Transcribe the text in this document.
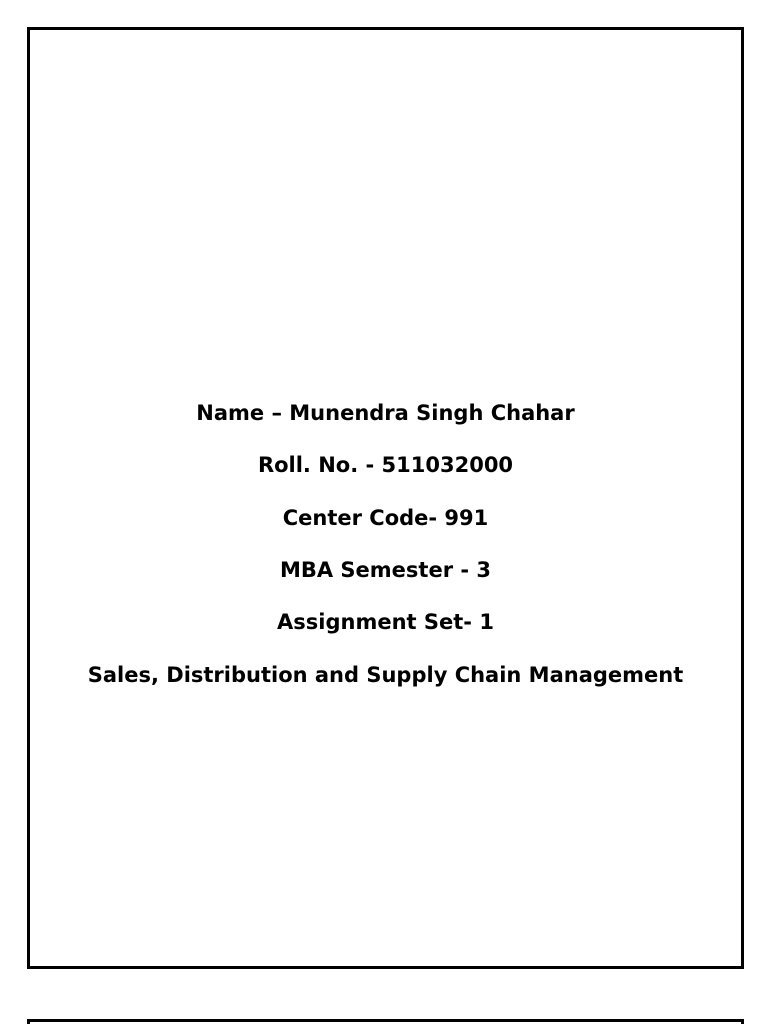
Name – Munendra Singh Chahar
Roll. No. - 511032000
Center Code- 991
MBA Semester - 3
Assignment Set- 1
Sales, Distribution and Supply Chain Management
